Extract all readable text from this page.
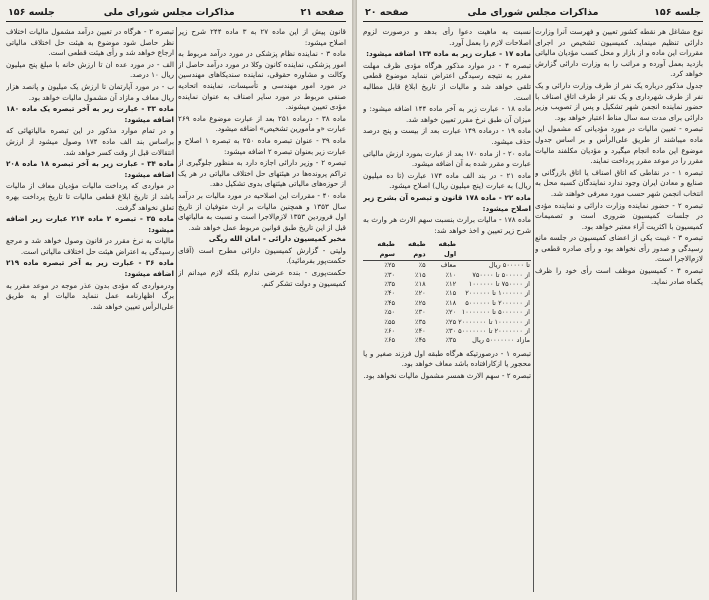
صفحه ۲۱
مذاکرات مجلس شورای ملی
جلسه ۱۵۶

قانون پیش از این ماده ۲۷ به ۳ ماده ۲۴۴ شرح زیر اصلاح میشود:

ماده ۳ - نماینده نظام پزشکی در مورد درآمد مربوط به امور پزشکی، نماینده کانون وکلا در مورد درآمد حاصل از وکالت و مشاوره حقوقی، نماینده سندیکاهای مهندسین در مورد امور مهندسی و تأسیسات، نماینده اتحادیه صنفی مربوط در مورد سایر اصناف به عنوان نماینده مؤدی تعیین میشوند.

ماده ۳۸ - درماده ۲۵۱ بعد از عبارت موضوع ماده ۲۶۹ عبارت «و مأمورین تشخیص» اضافه میشود.

ماده ۳۹ - عنوان تبصره ماده ۲۵۰ به تبصره ۱ اصلاح و عبارت زیر بعنوان تبصره ۲ اضافه میشود:

تبصره ۲ - وزیر دارائی اجازه دارد به منظور جلوگیری از تراکم پرونده‌ها در هیئتهای حل اختلاف مالیاتی در هر یک از حوزه‌های مالیاتی هیئتهای بدوی تشکیل دهد.

ماده ۴۰ - مقررات این اصلاحیه در مورد مالیات بر درآمد سال ۱۳۵۳ و همچنین مالیات بر ارث متوفیان از تاریخ اول فروردین ۱۳۵۳ لازم‌الاجرا است و نسبت به مالیاتهای قبل از این تاریخ طبق قوانین مربوط عمل خواهد شد.

مخبر کمیسیون دارائی - امان الله ریگی

ولیتی - گزارش کمیسیون دارائی مطرح است (آقای حکمت‌پور بفرمائید).

حکمت‌پوری - بنده عرضی ندارم بلکه لازم میدانم از کمیسیون و دولت تشکر کنم.

تبصره ۲ - هرگاه در تعیین درآمد مشمول مالیات اختلاف نظر حاصل شود موضوع به هیئت حل اختلاف مالیاتی ارجاع خواهد شد و رأی هیئت قطعی است.

الف - در مورد عده ان تا ارزش خانه با مبلغ پنج میلیون ریال ۱۰ درصد.

ب - در مورد آپارتمان تا ارزش یک میلیون و پانصد هزار ریال معاف و مازاد آن مشمول مالیات خواهد بود.

ماده ۳۳ - عبارت زیر به آخر تبصره یک ماده ۱۸۰ اضافه میشود:

و در تمام موارد مذکور در این تبصره مالیاتهائی که براساس بند الف ماده ۱۷۴ وصول میشود از ارزش انتقالات قبل از وقت کسر خواهد شد.

ماده ۳۴ - عبارت زیر به آخر تبصره ۱۸ ماده ۲۰۸ اضافه میشود:

در مواردی که پرداخت مالیات مؤدیان معاف از مالیات باشد از تاریخ ابلاغ قطعی مالیات تا تاریخ پرداخت بهره تعلق نخواهد گرفت.

ماده ۳۵ - تبصره ۲ ماده ۲۱۴ عبارت زیر اضافه میشود:

مالیات به نرخ مقرر در قانون وصول خواهد شد و مرجع رسیدگی به اعتراض هیئت حل اختلاف مالیاتی است.

ماده ۳۶ - عبارت زیر به آخر تبصره ماده ۲۱۹ اضافه میشود:

ودرمواردی که مؤدی بدون عذر موجه در موعد مقرر به برگ اظهارنامه عمل ننماید مالیات او به طریق علی‌الرأس تعیین خواهد شد.

جلسه ۱۵۶
مذاکرات مجلس شورای ملی
صفحه ۲۰

نوع مشاغل هر نقطه کشور تعیین و فهرست آنرا وزارت دارائی تنظیم مینماید. کمیسیون تشخیص در اجرای مقررات این ماده و از بازار و محل کسب مؤدیان مالیاتی بازدید بعمل آورده و مراتب را به وزارت دارائی گزارش خواهد کرد.

جدول مذکور درباره یک نفر از طرف وزارت دارائی و یک نفر از طرف شهرداری و یک نفر از طرف اتاق اصناف با حضور نماینده انجمن شهر تشکیل و پس از تصویب وزیر دارائی برای مدت سه سال مناط اعتبار خواهد بود.

تبصره - تعیین مالیات در مورد مؤدیانی که مشمول این ماده میباشند از طریق علی‌الرأس و بر اساس جدول موضوع این ماده انجام میگیرد و مؤدیان مکلفند مالیات مقرر را در موعد مقرر پرداخت نمایند.

تبصره ۱ - در نقاطی که اتاق اصناف یا اتاق بازرگانی و صنایع و معادن ایران وجود ندارد نمایندگان کسبه محل به انتخاب انجمن شهر حسب مورد معرفی خواهند شد.

تبصره ۲ - حضور نماینده وزارت دارائی و نماینده مؤدی در جلسات کمیسیون ضروری است و تصمیمات کمیسیون با اکثریت آراء معتبر خواهد بود.

تبصره ۳ - غیبت یکی از اعضای کمیسیون در جلسه مانع رسیدگی و صدور رأی نخواهد بود و رأی صادره قطعی و لازم‌الاجرا است.

تبصره ۴ - کمیسیون موظف است رأی خود را ظرف یکماه صادر نماید.

نسبت به ماهیت دعوا رأی بدهد و درصورت لزوم اصلاحات لازم را بعمل آورد.

ماده ۱۷ - عبارت زیر به ماده ۱۳۴ اضافه میشود:

تبصره ۴ - در موارد مذکور هرگاه مؤدی ظرف مهلت مقرر به نتیجه رسیدگی اعتراض ننماید موضوع قطعی تلقی خواهد شد و مالیات از تاریخ ابلاغ قابل مطالبه است.

ماده ۱۸ - عبارت زیر به آخر ماده ۱۴۴ اضافه میشود: و میزان آن طبق نرخ مقرر تعیین خواهد شد.

ماده ۱۹ - درماده ۱۴۹ عبارت بعد از بیست و پنج درصد حذف میشود.

ماده ۲۰ - از ماده ۱۷۰ بعد از عبارت بمورد ارزش مالیاتی عبارت و مقرر شده به آن اضافه میشود.

ماده ۲۱ - در بند الف ماده ۱۷۴ عبارت (تا ده میلیون ریال) به عبارت (پنج میلیون ریال) اصلاح میشود.

ماده ۲۲ - ماده ۱۷۸ قانون و تبصره آن بشرح زیر اصلاح میشود:

ماده ۱۷۸ - مالیات برارث بنسبت سهم الارث هر وارث به شرح زیر تعیین و اخذ خواهد شد:

	طبقه اول	طبقه دوم	طبقه سوم
تا ۵۰۰۰۰۰ ریال	معاف	٪۵	٪۲۵
از ۵۰۰۰۰۰ تا ۷۵۰۰۰۰	٪۱۰	٪۱۵	٪۳۰
از ۷۵۰۰۰۰ تا ۱۰۰۰۰۰۰	٪۱۲	٪۱۸	٪۳۵
از ۱۰۰۰۰۰۰ تا ۲۰۰۰۰۰۰	٪۱۵	٪۲۰	٪۴۰
از ۲۰۰۰۰۰۰ تا ۵۰۰۰۰۰۰	٪۱۸	٪۲۵	٪۴۵
از ۵۰۰۰۰۰۰ تا ۱۰۰۰۰۰۰۰	٪۲۰	٪۳۰	٪۵۰
از ۱۰۰۰۰۰۰۰ تا ۲۰۰۰۰۰۰۰	٪۲۵	٪۳۵	٪۵۵
از ۲۰۰۰۰۰۰۰ تا ۵۰۰۰۰۰۰۰	٪۳۰	٪۴۰	٪۶۰
مازاد ۵۰۰۰۰۰۰۰ ریال	٪۳۵	٪۴۵	٪۶۵

تبصره ۱ - درصورتیکه هرگاه طبقه اول فرزند صغیر و یا محجور یا ازکارافتاده باشد معاف خواهد بود.

تبصره ۲ - سهم الارث همسر مشمول مالیات نخواهد بود.
